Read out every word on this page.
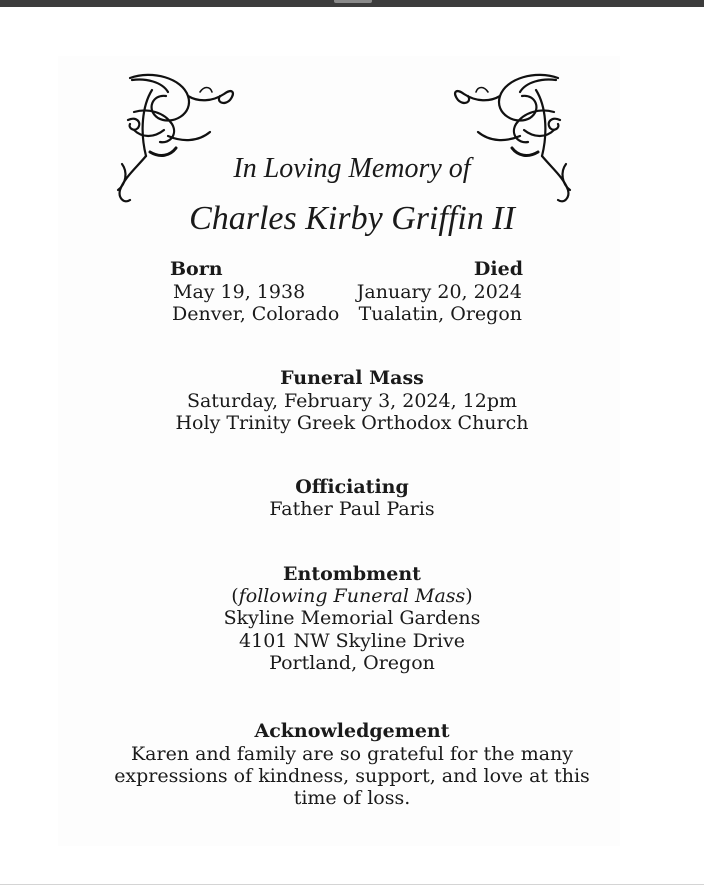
In Loving Memory of
Charles Kirby Griffin II
Born
May 19, 1938
Denver, Colorado
Died
January 20, 2024
Tualatin, Oregon
Funeral Mass
Saturday, February 3, 2024, 12pm
Holy Trinity Greek Orthodox Church
Officiating
Father Paul Paris
Entombment
(following Funeral Mass)
Skyline Memorial Gardens
4101 NW Skyline Drive
Portland, Oregon
Acknowledgement
Karen and family are so grateful for the many
expressions of kindness, support, and love at this
time of loss.
